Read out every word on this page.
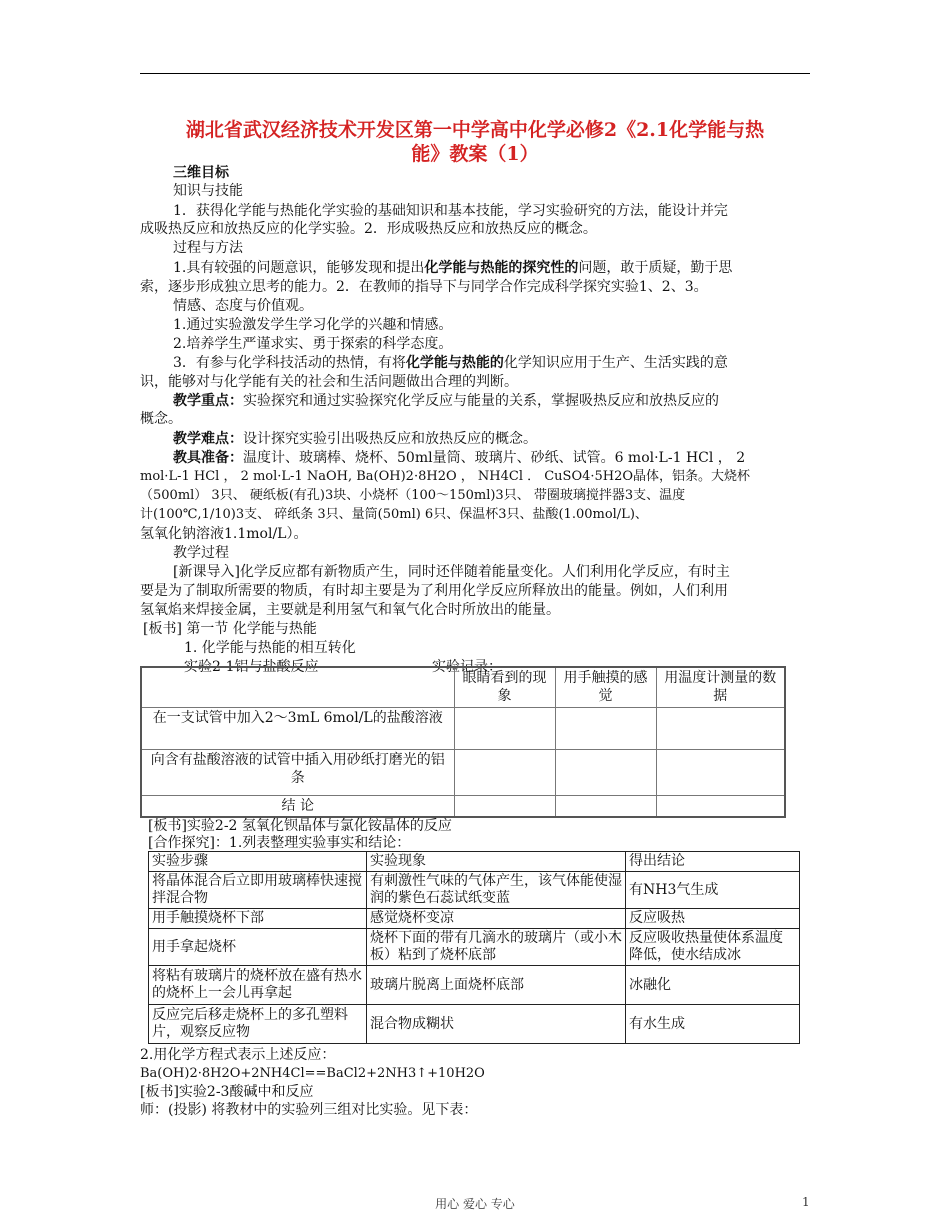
湖北省武汉经济技术开发区第一中学高中化学必修2《2.1化学能与热
能》教案（1）
三维目标
知识与技能
1．获得化学能与热能化学实验的基础知识和基本技能，学习实验研究的方法，能设计并完
成吸热反应和放热反应的化学实验。2．形成吸热反应和放热反应的概念。
过程与方法
1.具有较强的问题意识，能够发现和提出化学能与热能的探究性的问题，敢于质疑，勤于思
索，逐步形成独立思考的能力。2．在教师的指导下与同学合作完成科学探究实验1、2、3。
情感、态度与价值观。
1.通过实验激发学生学习化学的兴趣和情感。
2.培养学生严谨求实、勇于探索的科学态度。
3．有参与化学科技活动的热情，有将化学能与热能的化学知识应用于生产、生活实践的意
识，能够对与化学能有关的社会和生活问题做出合理的判断。
教学重点：实验探究和通过实验探究化学反应与能量的关系，掌握吸热反应和放热反应的
概念。
教学难点：设计探究实验引出吸热反应和放热反应的概念。
教具准备：温度计、玻璃棒、烧杯、50ml量筒、玻璃片、砂纸、试管。6 mol·L-1 HCl ， 2
mol·L-1 HCl ， 2 mol·L-1 NaOH, Ba(OH)2·8H2O ， NH4Cl ． CuSO4·5H2O晶体，铝条。大烧杯
（500ml） 3只、 硬纸板(有孔)3块、小烧杯（100～150ml)3只、 带圈玻璃搅拌器3支、温度
计(100℃,1/10)3支、 碎纸条 3只、量筒(50ml) 6只、保温杯3只、盐酸(1.00mol/L)、
氢氧化钠溶液1.1mol/L）。
教学过程
[新课导入]化学反应都有新物质产生，同时还伴随着能量变化。人们利用化学反应，有时主
要是为了制取所需要的物质，有时却主要是为了利用化学反应所释放出的能量。例如，人们利用
氢氧焰来焊接金属，主要就是利用氢气和氧气化合时所放出的能量。
[板书] 第一节 化学能与热能
1. 化学能与热能的相互转化
实验2-1铝与盐酸反应	实验记录：
	眼睛看到的现象	用手触摸的感觉	用温度计测量的数据
在一支试管中加入2～3mL 6mol/L的盐酸溶液			
向含有盐酸溶液的试管中插入用砂纸打磨光的铝条			
结 论			
[板书]实验2-2 氢氧化钡晶体与氯化铵晶体的反应
[合作探究]：1.列表整理实验事实和结论：
实验步骤	实验现象	得出结论
将晶体混合后立即用玻璃棒快速搅拌混合物	有刺激性气味的气体产生，该气体能使湿润的紫色石蕊试纸变蓝	有NH3气生成
用手触摸烧杯下部	感觉烧杯变凉	反应吸热
用手拿起烧杯	烧杯下面的带有几滴水的玻璃片（或小木板）粘到了烧杯底部	反应吸收热量使体系温度降低，使水结成冰
将粘有玻璃片的烧杯放在盛有热水的烧杯上一会儿再拿起	玻璃片脱离上面烧杯底部	冰融化
反应完后移走烧杯上的多孔塑料片，观察反应物	混合物成糊状	有水生成
2.用化学方程式表示上述反应：
Ba(OH)2·8H2O+2NH4Cl==BaCl2+2NH3↑+10H2O
[板书]实验2-3酸碱中和反应
师：(投影) 将教材中的实验列三组对比实验。见下表：
用心 爱心 专心	1
